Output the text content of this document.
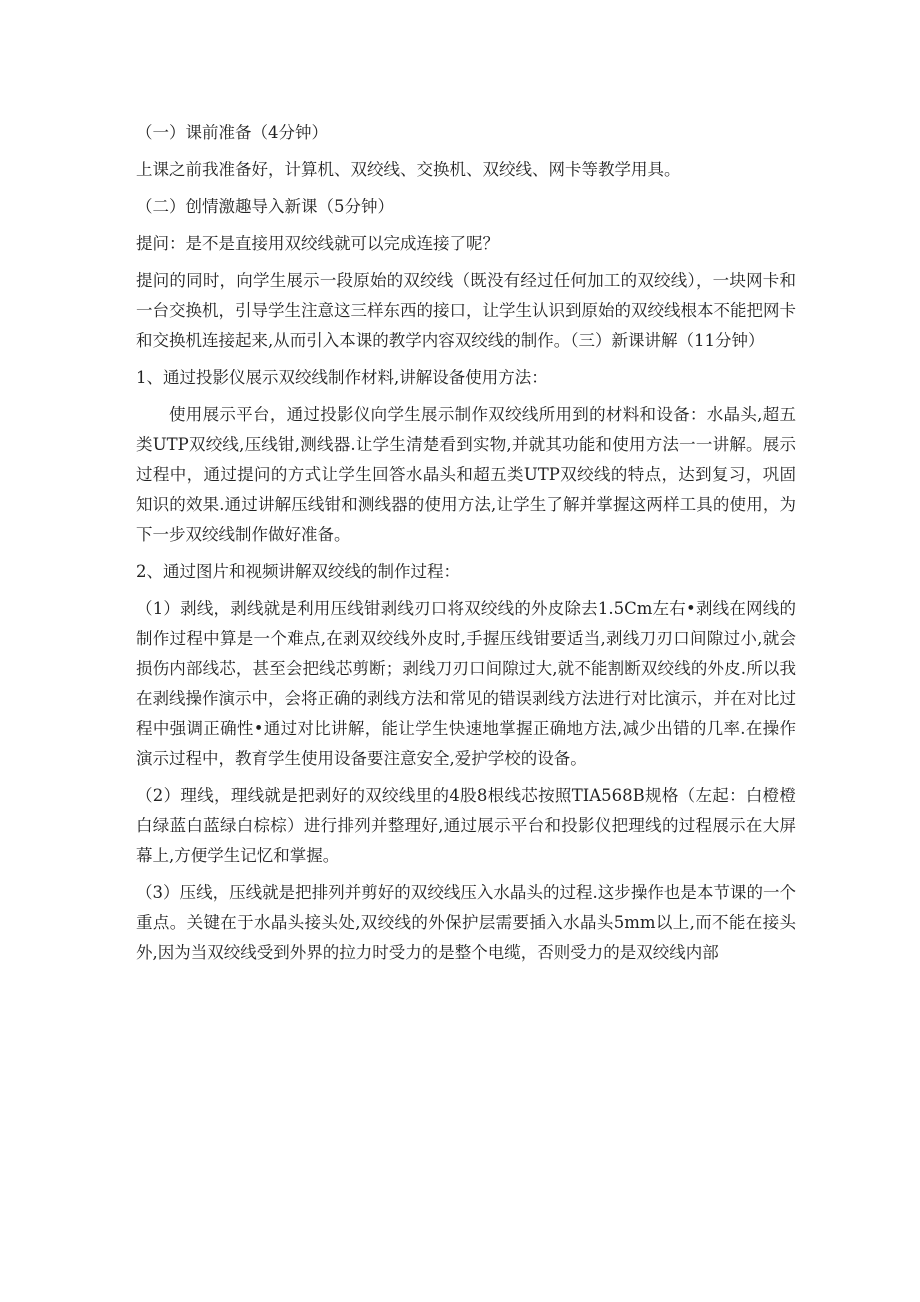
（一）课前准备（4分钟）

上课之前我准备好，计算机、双绞线、交换机、双绞线、网卡等教学用具。

（二）创情激趣导入新课（5分钟）

提问：是不是直接用双绞线就可以完成连接了呢？

提问的同时，向学生展示一段原始的双绞线（既没有经过任何加工的双绞线），一块网卡和一台交换机，引导学生注意这三样东西的接口，让学生认识到原始的双绞线根本不能把网卡和交换机连接起来,从而引入本课的教学内容双绞线的制作。（三）新课讲解（11分钟）

1、通过投影仪展示双绞线制作材料,讲解设备使用方法：

使用展示平台，通过投影仪向学生展示制作双绞线所用到的材料和设备：水晶头,超五类UTP双绞线,压线钳,测线器.让学生清楚看到实物,并就其功能和使用方法一一讲解。展示过程中，通过提问的方式让学生回答水晶头和超五类UTP双绞线的特点，达到复习，巩固知识的效果.通过讲解压线钳和测线器的使用方法,让学生了解并掌握这两样工具的使用，为下一步双绞线制作做好准备。

2、通过图片和视频讲解双绞线的制作过程：

（1）剥线，剥线就是利用压线钳剥线刃口将双绞线的外皮除去1.5Cm左右•剥线在网线的制作过程中算是一个难点,在剥双绞线外皮时,手握压线钳要适当,剥线刀刃口间隙过小,就会损伤内部线芯，甚至会把线芯剪断；剥线刀刃口间隙过大,就不能割断双绞线的外皮.所以我在剥线操作演示中，会将正确的剥线方法和常见的错误剥线方法进行对比演示，并在对比过程中强调正确性•通过对比讲解，能让学生快速地掌握正确地方法,减少出错的几率.在操作演示过程中，教育学生使用设备要注意安全,爱护学校的设备。

（2）理线，理线就是把剥好的双绞线里的4股8根线芯按照TIA568B规格（左起：白橙橙白绿蓝白蓝绿白棕棕）进行排列并整理好,通过展示平台和投影仪把理线的过程展示在大屏幕上,方便学生记忆和掌握。

（3）压线，压线就是把排列并剪好的双绞线压入水晶头的过程.这步操作也是本节课的一个重点。关键在于水晶头接头处,双绞线的外保护层需要插入水晶头5mm以上,而不能在接头外,因为当双绞线受到外界的拉力时受力的是整个电缆，否则受力的是双绞线内部
